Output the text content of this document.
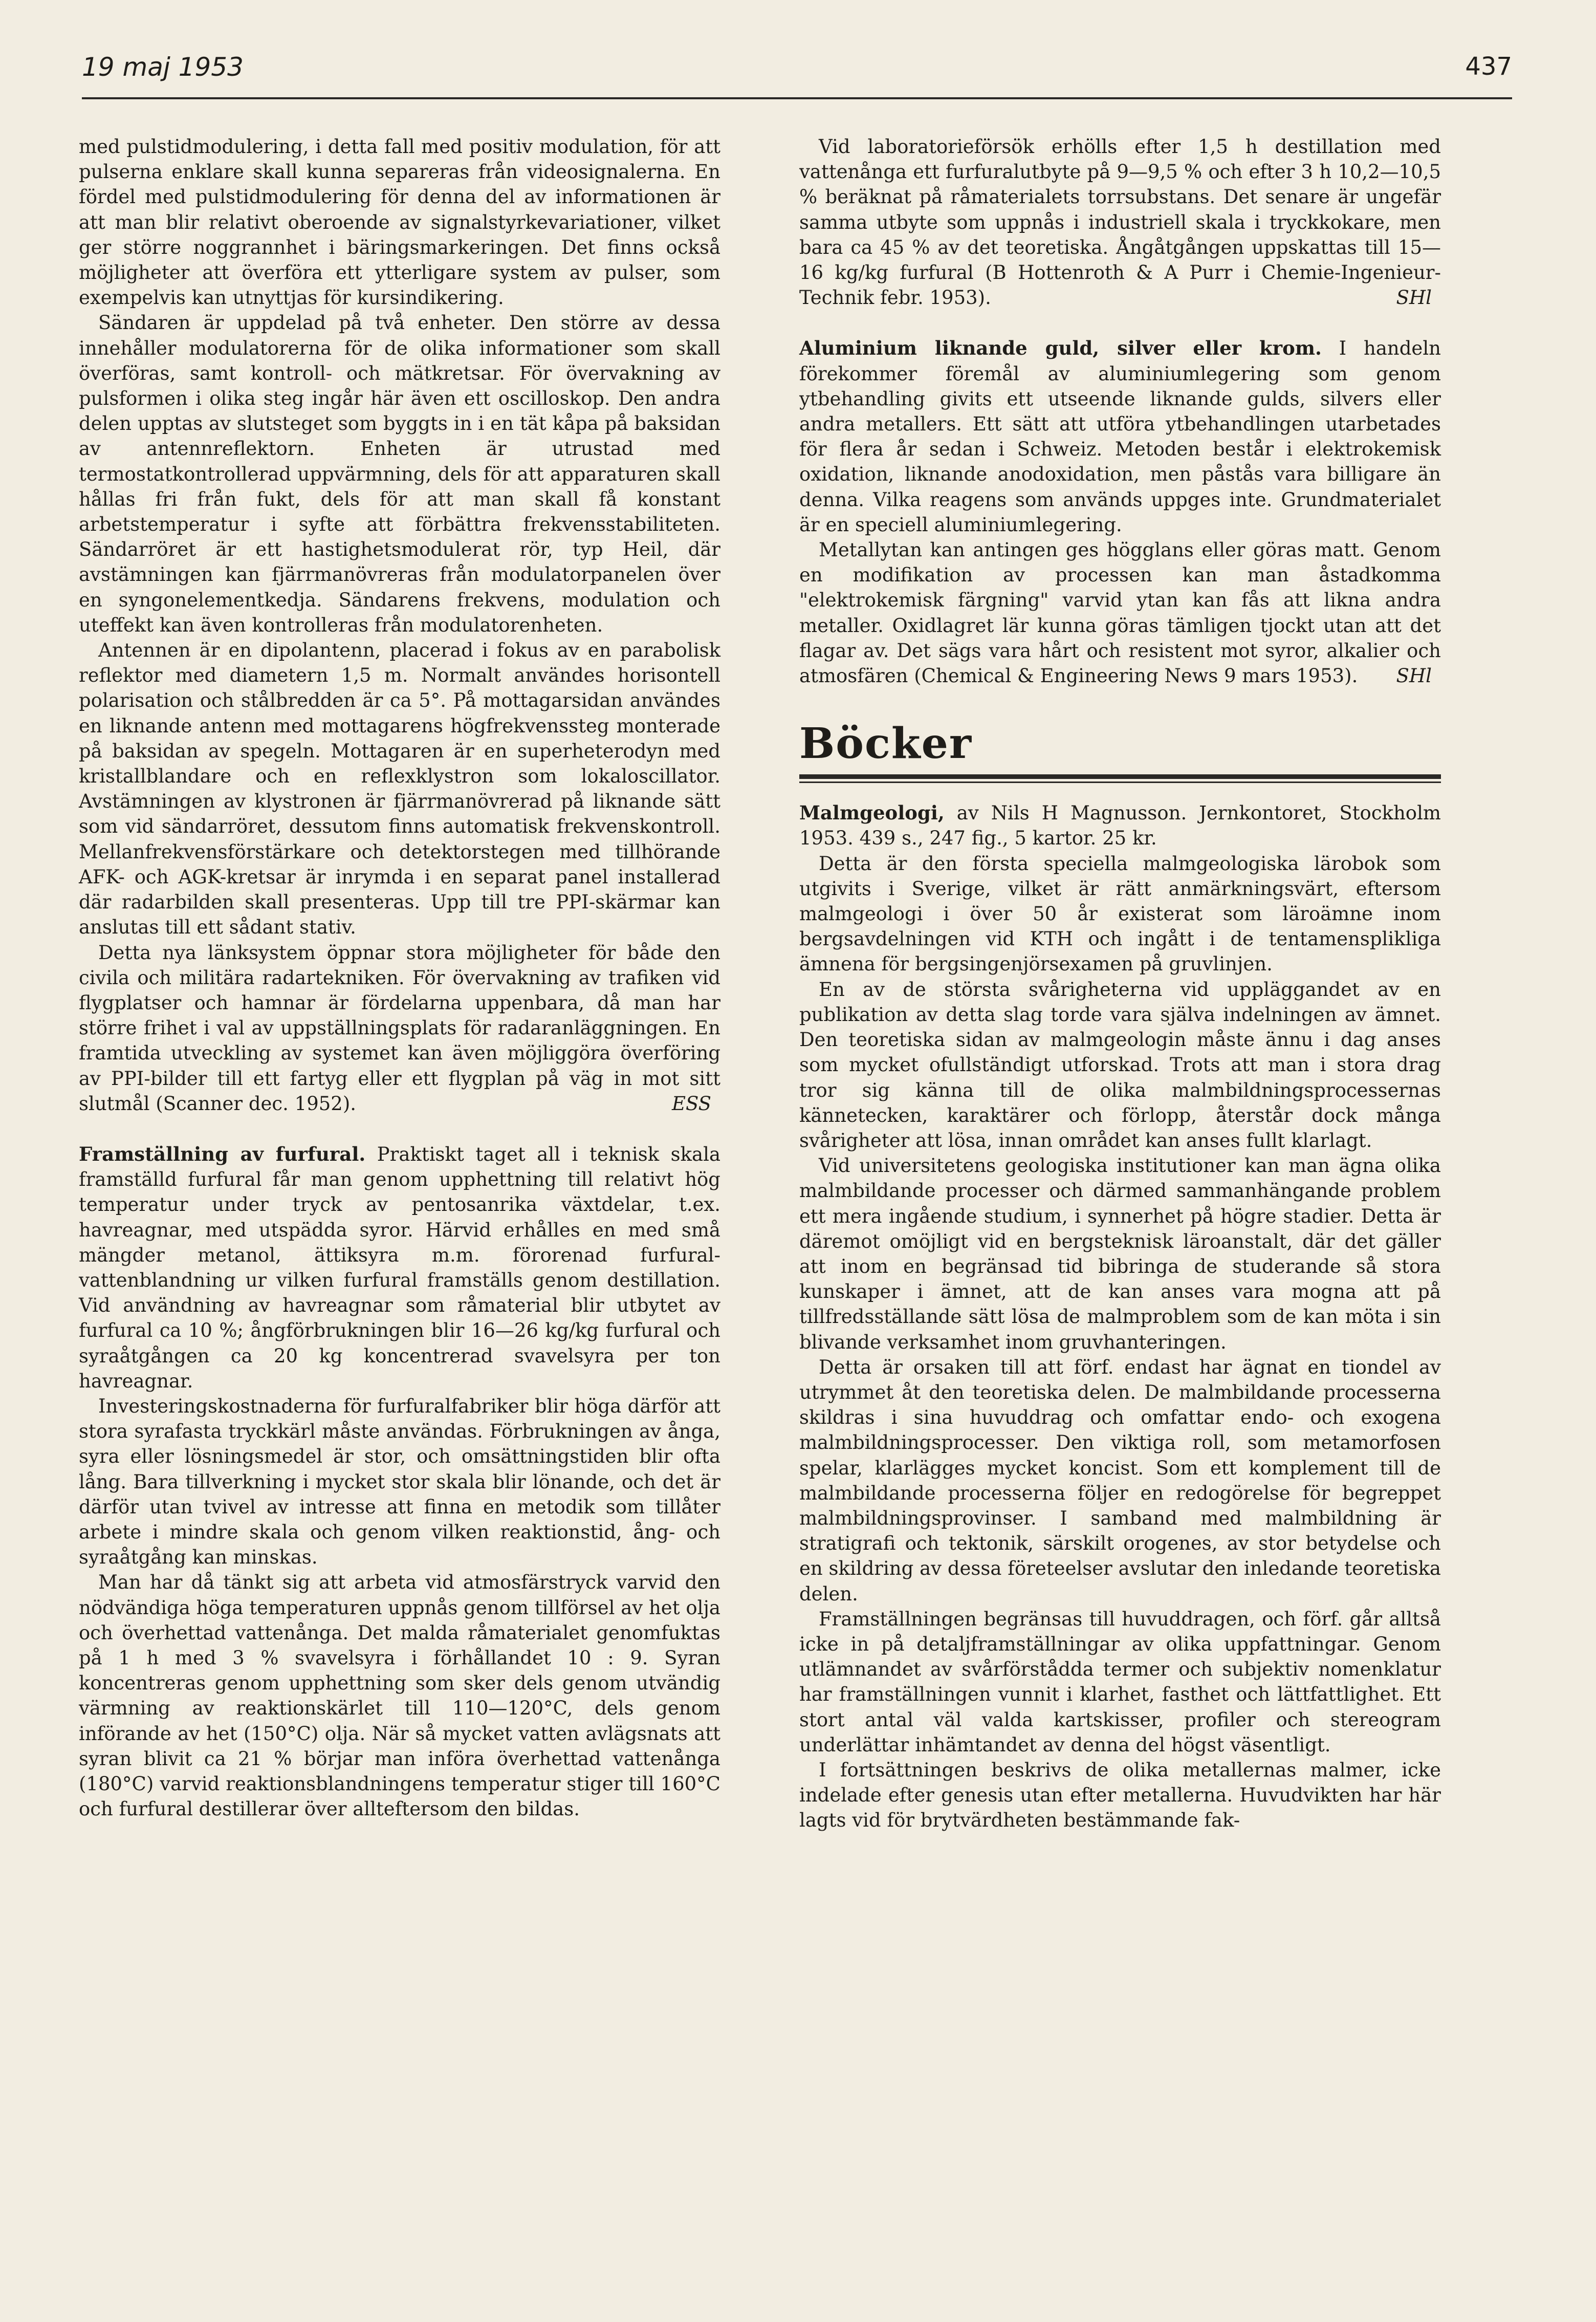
19 maj 1953	437

med pulstidmodulering, i detta fall med positiv modulation, för att pulserna enklare skall kunna separeras från videosignalerna. En fördel med pulstidmodulering för denna del av informationen är att man blir relativt oberoende av signalstyrkevariationer, vilket ger större noggrannhet i bäringsmarkeringen. Det finns också möjligheter att överföra ett ytterligare system av pulser, som exempelvis kan utnyttjas för kursindikering.

Sändaren är uppdelad på två enheter. Den större av dessa innehåller modulatorerna för de olika informationer som skall överföras, samt kontroll- och mätkretsar. För övervakning av pulsformen i olika steg ingår här även ett oscilloskop. Den andra delen upptas av slutsteget som byggts in i en tät kåpa på baksidan av antennreflektorn. Enheten är utrustad med termostatkontrollerad uppvärmning, dels för att apparaturen skall hållas fri från fukt, dels för att man skall få konstant arbetstemperatur i syfte att förbättra frekvensstabiliteten. Sändarröret är ett hastighetsmodulerat rör, typ Heil, där avstämningen kan fjärrmanövreras från modulatorpanelen över en syngonelementkedja. Sändarens frekvens, modulation och uteffekt kan även kontrolleras från modulatorenheten.

Antennen är en dipolantenn, placerad i fokus av en parabolisk reflektor med diametern 1,5 m. Normalt användes horisontell polarisation och stålbredden är ca 5°. På mottagarsidan användes en liknande antenn med mottagarens högfrekvenssteg monterade på baksidan av spegeln. Mottagaren är en superheterodyn med kristallblandare och en reflexklystron som lokaloscillator. Avstämningen av klystronen är fjärrmanövrerad på liknande sätt som vid sändarröret, dessutom finns automatisk frekvenskontroll. Mellanfrekvensförstärkare och detektorstegen med tillhörande AFK- och AGK-kretsar är inrymda i en separat panel installerad där radarbilden skall presenteras. Upp till tre PPI-skärmar kan anslutas till ett sådant stativ.

Detta nya länksystem öppnar stora möjligheter för både den civila och militära radartekniken. För övervakning av trafiken vid flygplatser och hamnar är fördelarna uppenbara, då man har större frihet i val av uppställningsplats för radaranläggningen. En framtida utveckling av systemet kan även möjliggöra överföring av PPI-bilder till ett fartyg eller ett flygplan på väg in mot sitt slutmål (Scanner dec. 1952).	ESS

Framställning av furfural. Praktiskt taget all i teknisk skala framställd furfural får man genom upphettning till relativt hög temperatur under tryck av pentosanrika växtdelar, t.ex. havreagnar, med utspädda syror. Härvid erhålles en med små mängder metanol, ättiksyra m.m. förorenad furfural-vattenblandning ur vilken furfural framställs genom destillation. Vid användning av havreagnar som råmaterial blir utbytet av furfural ca 10 %; ångförbrukningen blir 16—26 kg/kg furfural och syraåtgången ca 20 kg koncentrerad svavelsyra per ton havreagnar.

Investeringskostnaderna för furfuralfabriker blir höga därför att stora syrafasta tryckkärl måste användas. Förbrukningen av ånga, syra eller lösningsmedel är stor, och omsättningstiden blir ofta lång. Bara tillverkning i mycket stor skala blir lönande, och det är därför utan tvivel av intresse att finna en metodik som tillåter arbete i mindre skala och genom vilken reaktionstid, ång- och syraåtgång kan minskas.

Man har då tänkt sig att arbeta vid atmosfärstryck varvid den nödvändiga höga temperaturen uppnås genom tillförsel av het olja och överhettad vattenånga. Det malda råmaterialet genomfuktas på 1 h med 3 % svavelsyra i förhållandet 10 : 9. Syran koncentreras genom upphettning som sker dels genom utvändig värmning av reaktionskärlet till 110—120°C, dels genom införande av het (150°C) olja. När så mycket vatten avlägsnats att syran blivit ca 21 % börjar man införa överhettad vattenånga (180°C) varvid reaktionsblandningens temperatur stiger till 160°C och furfural destillerar över allteftersom den bildas.

Vid laboratorieförsök erhölls efter 1,5 h destillation med vattenånga ett furfuralutbyte på 9—9,5 % och efter 3 h 10,2—10,5 % beräknat på råmaterialets torrsubstans. Det senare är ungefär samma utbyte som uppnås i industriell skala i tryckkokare, men bara ca 45 % av det teoretiska. Ångåtgången uppskattas till 15—16 kg/kg furfural (B Hottenroth & A Purr i Chemie-Ingenieur-Technik febr. 1953).	SHl

Aluminium liknande guld, silver eller krom. I handeln förekommer föremål av aluminiumlegering som genom ytbehandling givits ett utseende liknande gulds, silvers eller andra metallers. Ett sätt att utföra ytbehandlingen utarbetades för flera år sedan i Schweiz. Metoden består i elektrokemisk oxidation, liknande anodoxidation, men påstås vara billigare än denna. Vilka reagens som används uppges inte. Grundmaterialet är en speciell aluminiumlegering.

Metallytan kan antingen ges högglans eller göras matt. Genom en modifikation av processen kan man åstadkomma "elektrokemisk färgning" varvid ytan kan fås att likna andra metaller. Oxidlagret lär kunna göras tämligen tjockt utan att det flagar av. Det sägs vara hårt och resistent mot syror, alkalier och atmosfären (Chemical & Engineering News 9 mars 1953).	SHl

Böcker

Malmgeologi, av Nils H Magnusson. Jernkontoret, Stockholm 1953. 439 s., 247 fig., 5 kartor. 25 kr.

Detta är den första speciella malmgeologiska lärobok som utgivits i Sverige, vilket är rätt anmärkningsvärt, eftersom malmgeologi i över 50 år existerat som läroämne inom bergsavdelningen vid KTH och ingått i de tentamensplikliga ämnena för bergsingenjörsexamen på gruvlinjen.

En av de största svårigheterna vid uppläggandet av en publikation av detta slag torde vara själva indelningen av ämnet. Den teoretiska sidan av malmgeologin måste ännu i dag anses som mycket ofullständigt utforskad. Trots att man i stora drag tror sig känna till de olika malmbildningsprocessernas kännetecken, karaktärer och förlopp, återstår dock många svårigheter att lösa, innan området kan anses fullt klarlagt.

Vid universitetens geologiska institutioner kan man ägna olika malmbildande processer och därmed sammanhängande problem ett mera ingående studium, i synnerhet på högre stadier. Detta är däremot omöjligt vid en bergsteknisk läroanstalt, där det gäller att inom en begränsad tid bibringa de studerande så stora kunskaper i ämnet, att de kan anses vara mogna att på tillfredsställande sätt lösa de malmproblem som de kan möta i sin blivande verksamhet inom gruvhanteringen.

Detta är orsaken till att förf. endast har ägnat en tiondel av utrymmet åt den teoretiska delen. De malmbildande processerna skildras i sina huvuddrag och omfattar endo- och exogena malmbildningsprocesser. Den viktiga roll, som metamorfosen spelar, klarlägges mycket koncist. Som ett komplement till de malmbildande processerna följer en redogörelse för begreppet malmbildningsprovinser. I samband med malmbildning är stratigrafi och tektonik, särskilt orogenes, av stor betydelse och en skildring av dessa företeelser avslutar den inledande teoretiska delen.

Framställningen begränsas till huvuddragen, och förf. går alltså icke in på detaljframställningar av olika uppfattningar. Genom utlämnandet av svårförstådda termer och subjektiv nomenklatur har framställningen vunnit i klarhet, fasthet och lättfattlighet. Ett stort antal väl valda kartskisser, profiler och stereogram underlättar inhämtandet av denna del högst väsentligt.

I fortsättningen beskrivs de olika metallernas malmer, icke indelade efter genesis utan efter metallerna. Huvudvikten har här lagts vid för brytvärdheten bestämmande fak-
